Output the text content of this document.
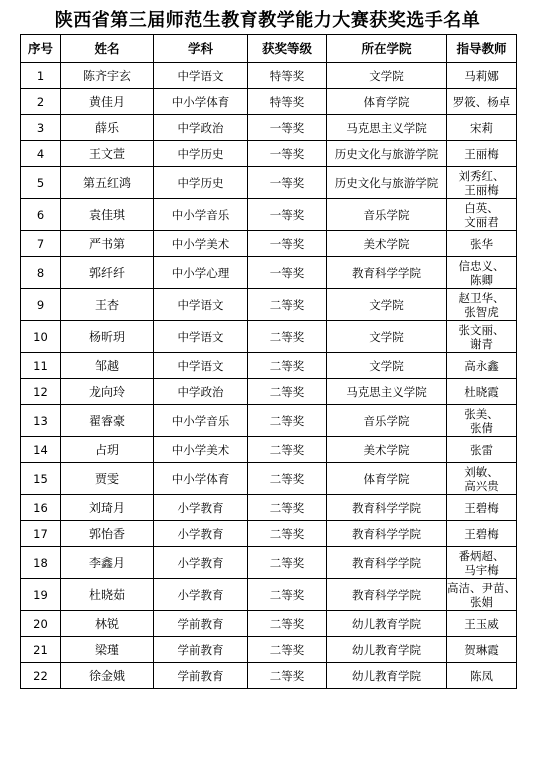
陕西省第三届师范生教育教学能力大赛获奖选手名单
序号	姓名	学科	获奖等级	所在学院	指导教师
1	陈齐宇玄	中学语文	特等奖	文学院	马莉娜

2	黄佳月	中小学体育	特等奖	体育学院	罗筱、杨卓

3	薛乐	中学政治	一等奖	马克思主义学院	宋莉

4	王文萱	中学历史	一等奖	历史文化与旅游学院	王丽梅

5	第五红鸿	中学历史	一等奖	历史文化与旅游学院	刘秀红、
王丽梅

6	袁佳琪	中小学音乐	一等奖	音乐学院	白英、
文丽君

7	严书第	中小学美术	一等奖	美术学院	张华

8	郭纤纤	中小学心理	一等奖	教育科学学院	信忠义、
陈卿

9	王杏	中学语文	二等奖	文学院	赵卫华、
张智虎

10	杨昕玥	中学语文	二等奖	文学院	张文丽、
谢青

11	邹越	中学语文	二等奖	文学院	高永鑫

12	龙向玲	中学政治	二等奖	马克思主义学院	杜晓霞

13	翟睿豪	中小学音乐	二等奖	音乐学院	张美、
张倩

14	占玥	中小学美术	二等奖	美术学院	张雷

15	贾雯	中小学体育	二等奖	体育学院	刘敏、
高兴贵

16	刘琦月	小学教育	二等奖	教育科学学院	王碧梅

17	郭怡香	小学教育	二等奖	教育科学学院	王碧梅

18	李鑫月	小学教育	二等奖	教育科学学院	番炳超、
马宇梅

19	杜晓茹	小学教育	二等奖	教育科学学院	高洁、尹苗、
张娟

20	林锐	学前教育	二等奖	幼儿教育学院	王玉威

21	梁瑾	学前教育	二等奖	幼儿教育学院	贺琳霞

22	徐金娥	学前教育	二等奖	幼儿教育学院	陈凤
